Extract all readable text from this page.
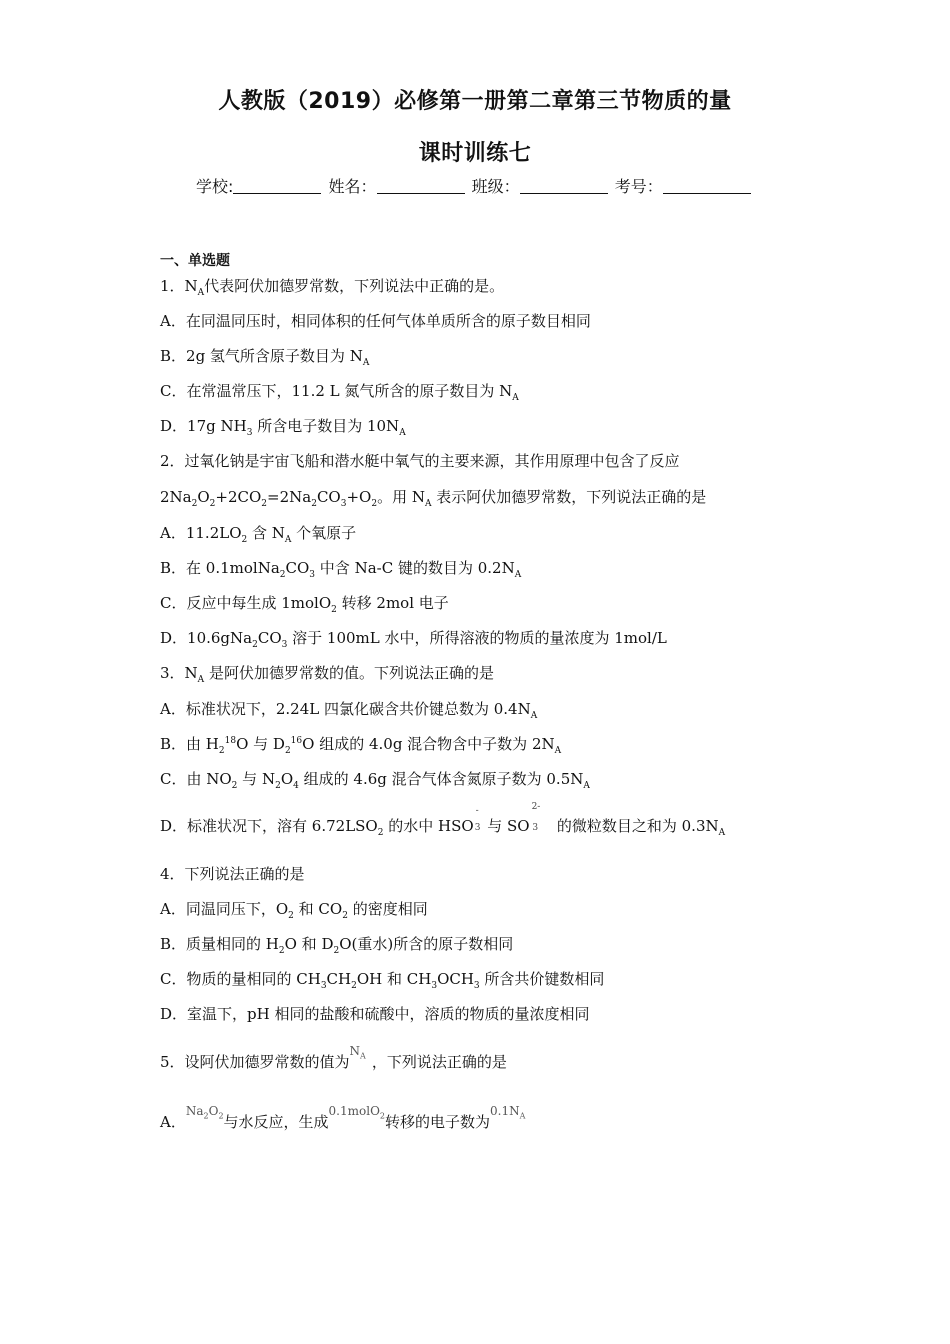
人教版（2019）必修第一册第二章第三节物质的量
课时训练七
学校:	姓名：	班级：	考号：
一、单选题
1．$N_A$代表阿伏加德罗常数，下列说法中正确的是。
A．在同温同压时，相同体积的任何气体单质所含的原子数目相同
B．2g 氢气所含原子数目为 $N_A$
C．在常温常压下，11.2 L 氮气所含的原子数目为 $N_A$
D．17g $NH_3$ 所含电子数目为 $10N_A$
2．过氧化钠是宇宙飞船和潜水艇中氧气的主要来源，其作用原理中包含了反应
$2Na_2O_2+2CO_2=2Na_2CO_3+O_2$。用 $N_A$ 表示阿伏加德罗常数，下列说法正确的是
A．$11.2LO_2$ 含 $N_A$ 个氧原子
B．在 $0.1molNa_2CO_3$ 中含 Na-C 键的数目为 $0.2N_A$
C．反应中每生成 1molO$_2$ 转移 2mol 电子
D．$10.6gNa_2CO_3$ 溶于 100mL 水中，所得溶液的物质的量浓度为 1mol/L
3．$N_A$ 是阿伏加德罗常数的值。下列说法正确的是
A．标准状况下，2.24L 四氯化碳含共价键总数为 $0.4N_A$
B．由 $H_2^{18}O$ 与 $D_2^{16}O$ 组成的 4.0g 混合物含中子数为 $2N_A$
C．由 $NO_2$ 与 $N_2O_4$ 组成的 4.6g 混合气体含氮原子数为 $0.5N_A$
D．标准状况下，溶有 $6.72LSO_2$ 的水中 $HSO^{^-_3}$ 与 SO$^{^{2-}_3}$ 的微粒数目之和为 $0.3N_A$
4．下列说法正确的是
A．同温同压下，$O_2$ 和 $CO_2$ 的密度相同
B．质量相同的 $H_2O$ 和 $D_2O$(重水)所含的原子数相同
C．物质的量相同的 $CH_3CH_2OH$ 和 $CH_3OCH_3$ 所含共价键数相同
D．室温下，pH 相同的盐酸和硫酸中，溶质的物质的量浓度相同
5．设阿伏加德罗常数的值为$^{N_A}$ ，下列说法正确的是
A．$^{Na_2O_2}$与水反应，生成$^{0.1molO_2}$转移的电子数为$^{0.1N_A}$
